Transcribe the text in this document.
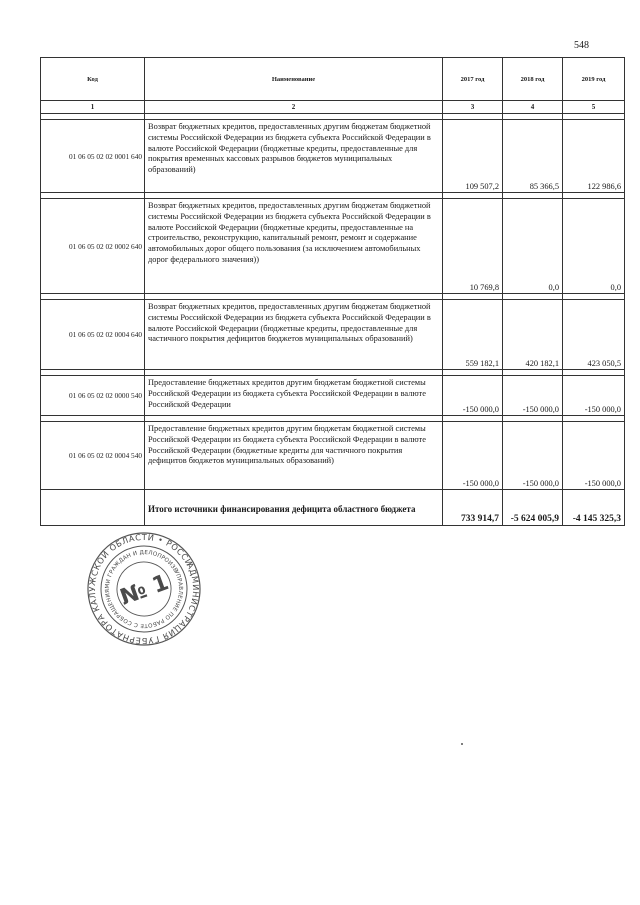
548
Код	Наименование	2017 год	2018 год	2019 год
1	2	3	4	5

01 06 05 02 02 0001 640	Возврат бюджетных кредитов, предоставленных другим бюджетам бюджетной системы Российской Федерации из бюджета субъекта Российской Федерации в валюте Российской Федерации (бюджетные кредиты, предоставленные для покрытия временных кассовых разрывов бюджетов муниципальных образований)	109 507,2	85 366,5	122 986,6

01 06 05 02 02 0002 640	Возврат бюджетных кредитов, предоставленных другим бюджетам бюджетной системы Российской Федерации из бюджета субъекта Российской Федерации в валюте Российской Федерации (бюджетные кредиты, предоставленные на строительство, реконструкцию, капитальный ремонт, ремонт и содержание автомобильных дорог общего пользования (за исключением автомобильных дорог федерального значения))	10 769,8	0,0	0,0

01 06 05 02 02 0004 640	Возврат бюджетных кредитов, предоставленных другим бюджетам бюджетной системы Российской Федерации из бюджета субъекта Российской Федерации в валюте Российской Федерации (бюджетные кредиты, предоставленные для частичного покрытия дефицитов бюджетов муниципальных образований)	559 182,1	420 182,1	423 050,5

01 06 05 02 02 0000 540	Предоставление бюджетных кредитов другим бюджетам бюджетной системы Российской Федерации из бюджета субъекта Российской Федерации в валюте Российской Федерации	-150 000,0	-150 000,0	-150 000,0

01 06 05 02 02 0004 540	Предоставление бюджетных кредитов другим бюджетам бюджетной системы Российской Федерации из бюджета субъекта Российской Федерации в валюте Российской Федерации (бюджетные кредиты для частичного покрытия дефицитов бюджетов муниципальных образований)	-150 000,0	-150 000,0	-150 000,0
	Итого источники финансирования дефицита областного бюджета	733 914,7	-5 624 005,9	-4 145 325,3
АДМИНИСТРАЦИЯ ГУБЕРНАТОРА КАЛУЖСКОЙ ОБЛАСТИ • РОССИЙСКАЯ
УПРАВЛЕНИЕ ПО РАБОТЕ С СОБРАЩЕНИЯМИ ГРАЖДАН И ДЕЛОПРОИЗВОДСТВУ
№ 1
